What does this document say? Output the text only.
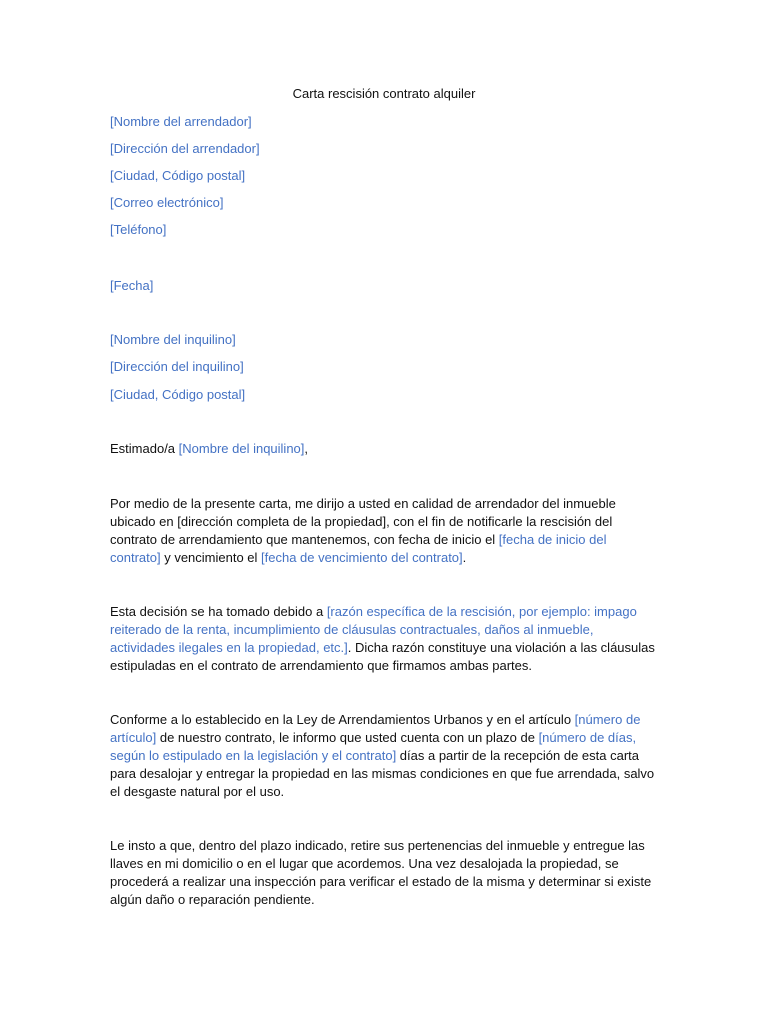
Carta rescisión contrato alquiler
[Nombre del arrendador]
[Dirección del arrendador]
[Ciudad, Código postal]
[Correo electrónico]
[Teléfono]
[Fecha]
[Nombre del inquilino]
[Dirección del inquilino]
[Ciudad, Código postal]
Estimado/a [Nombre del inquilino],
Por medio de la presente carta, me dirijo a usted en calidad de arrendador del inmueble
ubicado en [dirección completa de la propiedad], con el fin de notificarle la rescisión del
contrato de arrendamiento que mantenemos, con fecha de inicio el [fecha de inicio del
contrato] y vencimiento el [fecha de vencimiento del contrato].
Esta decisión se ha tomado debido a [razón específica de la rescisión, por ejemplo: impago
reiterado de la renta, incumplimiento de cláusulas contractuales, daños al inmueble,
actividades ilegales en la propiedad, etc.]. Dicha razón constituye una violación a las cláusulas
estipuladas en el contrato de arrendamiento que firmamos ambas partes.
Conforme a lo establecido en la Ley de Arrendamientos Urbanos y en el artículo [número de
artículo] de nuestro contrato, le informo que usted cuenta con un plazo de [número de días,
según lo estipulado en la legislación y el contrato] días a partir de la recepción de esta carta
para desalojar y entregar la propiedad en las mismas condiciones en que fue arrendada, salvo
el desgaste natural por el uso.
Le insto a que, dentro del plazo indicado, retire sus pertenencias del inmueble y entregue las
llaves en mi domicilio o en el lugar que acordemos. Una vez desalojada la propiedad, se
procederá a realizar una inspección para verificar el estado de la misma y determinar si existe
algún daño o reparación pendiente.
